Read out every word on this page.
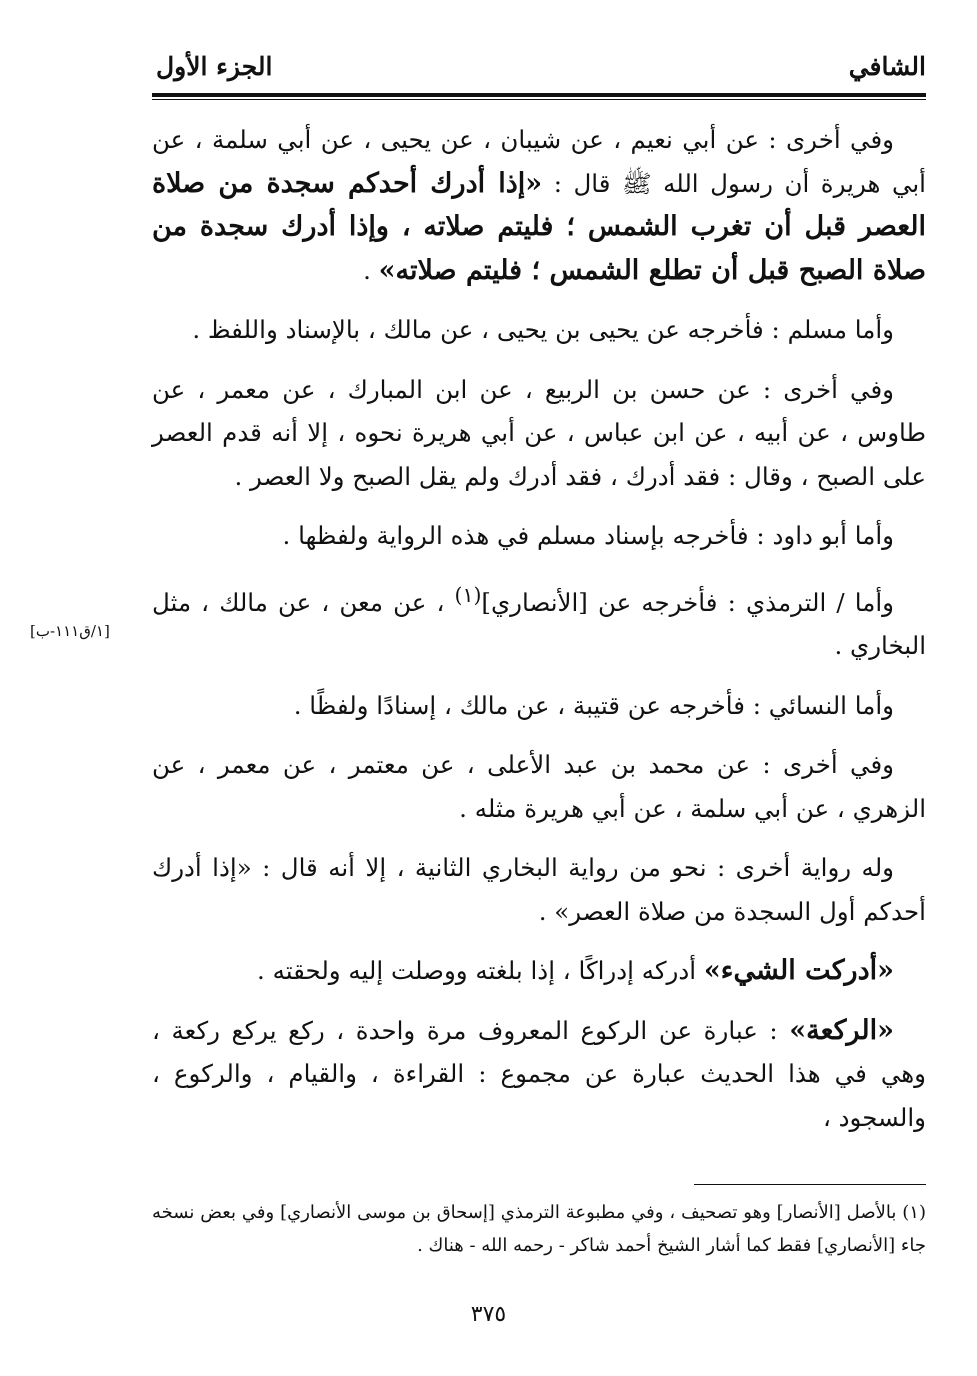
الشافي
الجزء الأول
[١/ق١١١-ب]

وفي أخرى : عن أبي نعيم ، عن شيبان ، عن يحيى ، عن أبي سلمة ، عن أبي هريرة أن رسول الله ﷺ قال : «إذا أدرك أحدكم سجدة من صلاة العصر قبل أن تغرب الشمس ؛ فليتم صلاته ، وإذا أدرك سجدة من صلاة الصبح قبل أن تطلع الشمس ؛ فليتم صلاته» .

وأما مسلم : فأخرجه عن يحيى بن يحيى ، عن مالك ، بالإسناد واللفظ .

وفي أخرى : عن حسن بن الربيع ، عن ابن المبارك ، عن معمر ، عن طاوس ، عن أبيه ، عن ابن عباس ، عن أبي هريرة نحوه ، إلا أنه قدم العصر على الصبح ، وقال : فقد أدرك ، فقد أدرك ولم يقل الصبح ولا العصر .

وأما أبو داود : فأخرجه بإسناد مسلم في هذه الرواية ولفظها .

وأما / الترمذي : فأخرجه عن [الأنصاري]$^{(١)}$ ، عن معن ، عن مالك ، مثل البخاري .

وأما النسائي : فأخرجه عن قتيبة ، عن مالك ، إسنادًا ولفظًا .

وفي أخرى : عن محمد بن عبد الأعلى ، عن معتمر ، عن معمر ، عن الزهري ، عن أبي سلمة ، عن أبي هريرة مثله .

وله رواية أخرى : نحو من رواية البخاري الثانية ، إلا أنه قال : «إذا أدرك أحدكم أول السجدة من صلاة العصر» .

«أدركت الشيء» أدركه إدراكًا ، إذا بلغته ووصلت إليه ولحقته .

«الركعة» : عبارة عن الركوع المعروف مرة واحدة ، ركع يركع ركعة ، وهي في هذا الحديث عبارة عن مجموع : القراءة ، والقيام ، والركوع ، والسجود ،

(١) بالأصل [الأنصار] وهو تصحيف ، وفي مطبوعة الترمذي [إسحاق بن موسى الأنصاري] وفي بعض نسخه جاء [الأنصاري] فقط كما أشار الشيخ أحمد شاكر - رحمه الله - هناك .

٣٧٥
